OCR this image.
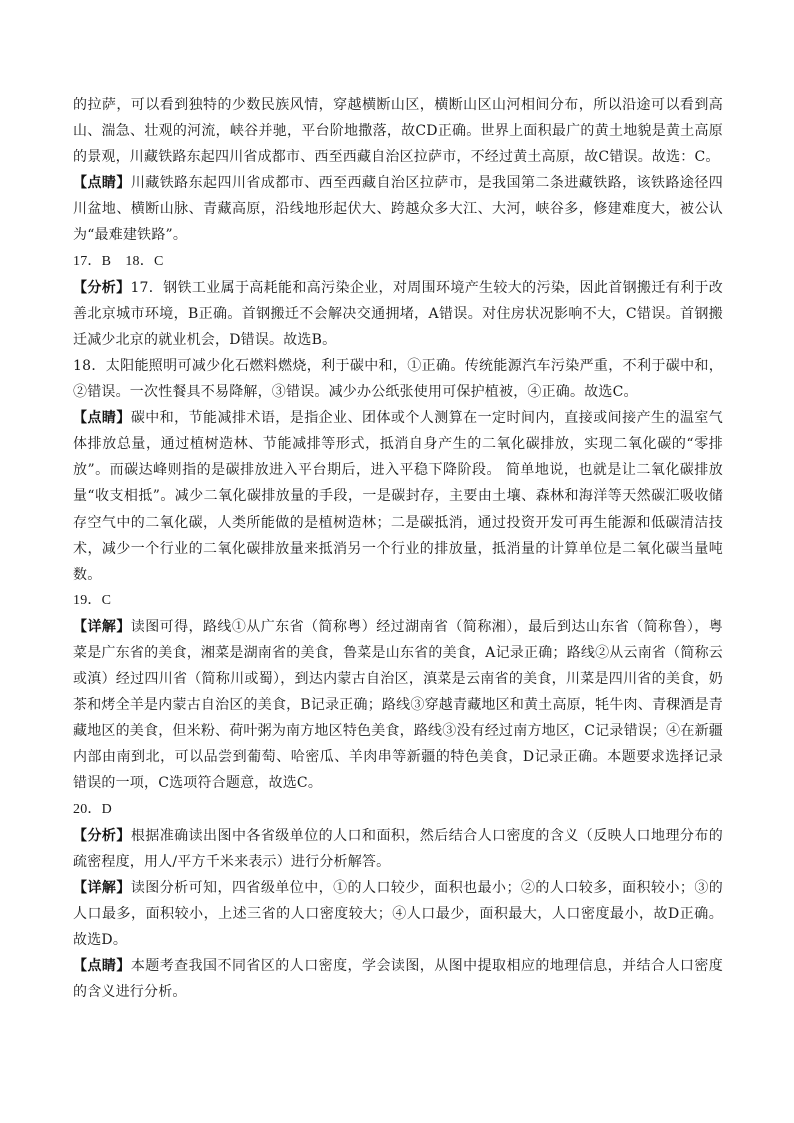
的拉萨，可以看到独特的少数民族风情，穿越横断山区，横断山区山河相间分布，所以沿途可以看到高山、湍急、壮观的河流，峡谷并驰，平台阶地撒落，故CD正确。世界上面积最广的黄土地貌是黄土高原的景观，川藏铁路东起四川省成都市、西至西藏自治区拉萨市，不经过黄土高原，故C错误。故选：C。

【点睛】川藏铁路东起四川省成都市、西至西藏自治区拉萨市，是我国第二条进藏铁路，该铁路途径四川盆地、横断山脉、青藏高原，沿线地形起伏大、跨越众多大江、大河，峡谷多，修建难度大，被公认为“最难建铁路”。

17．B　18．C

【分析】17．钢铁工业属于高耗能和高污染企业，对周围环境产生较大的污染，因此首钢搬迁有利于改善北京城市环境，B正确。首钢搬迁不会解决交通拥堵，A错误。对住房状况影响不大，C错误。首钢搬迁减少北京的就业机会，D错误。故选B。

18．太阳能照明可减少化石燃料燃烧，利于碳中和，①正确。传统能源汽车污染严重，不利于碳中和，②错误。一次性餐具不易降解，③错误。减少办公纸张使用可保护植被，④正确。故选C。

【点睛】碳中和，节能减排术语，是指企业、团体或个人测算在一定时间内，直接或间接产生的温室气体排放总量，通过植树造林、节能减排等形式，抵消自身产生的二氧化碳排放，实现二氧化碳的“零排放”。而碳达峰则指的是碳排放进入平台期后，进入平稳下降阶段。 简单地说，也就是让二氧化碳排放量“收支相抵”。减少二氧化碳排放量的手段，一是碳封存，主要由土壤、森林和海洋等天然碳汇吸收储存空气中的二氧化碳，人类所能做的是植树造林；二是碳抵消，通过投资开发可再生能源和低碳清洁技术，减少一个行业的二氧化碳排放量来抵消另一个行业的排放量，抵消量的计算单位是二氧化碳当量吨数。

19．C

【详解】读图可得，路线①从广东省（简称粤）经过湖南省（简称湘），最后到达山东省（简称鲁），粤菜是广东省的美食，湘菜是湖南省的美食，鲁菜是山东省的美食，A记录正确；路线②从云南省（简称云或滇）经过四川省（简称川或蜀），到达内蒙古自治区，滇菜是云南省的美食，川菜是四川省的美食，奶茶和烤全羊是内蒙古自治区的美食，B记录正确；路线③穿越青藏地区和黄土高原，牦牛肉、青稞酒是青藏地区的美食，但米粉、荷叶粥为南方地区特色美食，路线③没有经过南方地区，C记录错误；④在新疆内部由南到北，可以品尝到葡萄、哈密瓜、羊肉串等新疆的特色美食，D记录正确。本题要求选择记录错误的一项，C选项符合题意，故选C。

20．D

【分析】根据准确读出图中各省级单位的人口和面积，然后结合人口密度的含义（反映人口地理分布的疏密程度，用人/平方千米来表示）进行分析解答。

【详解】读图分析可知，四省级单位中，①的人口较少，面积也最小；②的人口较多，面积较小；③的人口最多，面积较小，上述三省的人口密度较大；④人口最少，面积最大，人口密度最小，故D正确。故选D。

【点睛】本题考查我国不同省区的人口密度，学会读图，从图中提取相应的地理信息，并结合人口密度的含义进行分析。
